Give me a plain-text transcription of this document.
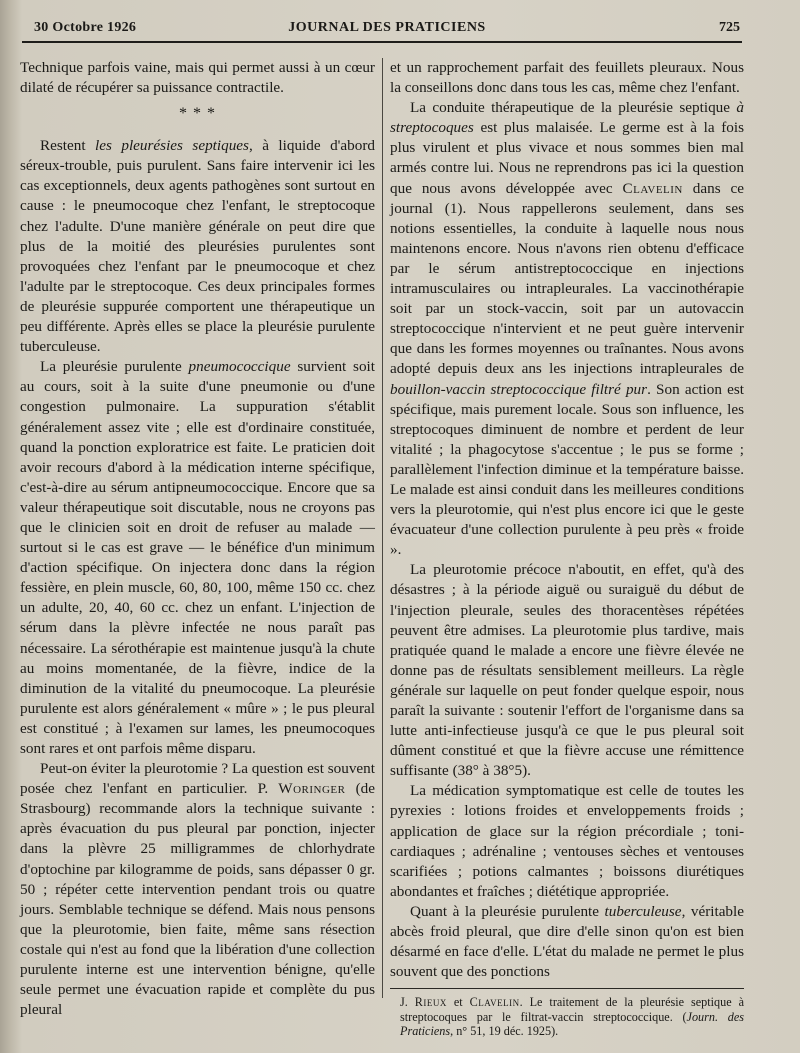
30 Octobre 1926	JOURNAL DES PRATICIENS	725

Technique parfois vaine, mais qui permet aussi à un cœur dilaté de récupérer sa puissance contractile.

* * *

Restent les pleurésies septiques, à liquide d'abord séreux-trouble, puis purulent. Sans faire intervenir ici les cas exceptionnels, deux agents pathogènes sont surtout en cause : le pneumocoque chez l'enfant, le streptocoque chez l'adulte. D'une manière générale on peut dire que plus de la moitié des pleurésies purulentes sont provoquées chez l'enfant par le pneumocoque et chez l'adulte par le streptocoque. Ces deux principales formes de pleurésie suppurée comportent une thérapeutique un peu différente. Après elles se place la pleurésie purulente tuberculeuse.

La pleurésie purulente pneumococcique survient soit au cours, soit à la suite d'une pneumonie ou d'une congestion pulmonaire. La suppuration s'établit généralement assez vite ; elle est d'ordinaire constituée, quand la ponction exploratrice est faite. Le praticien doit avoir recours d'abord à la médication interne spécifique, c'est-à-dire au sérum antipneumococcique. Encore que sa valeur thérapeutique soit discutable, nous ne croyons pas que le clinicien soit en droit de refuser au malade — surtout si le cas est grave — le bénéfice d'un minimum d'action spécifique. On injectera donc dans la région fessière, en plein muscle, 60, 80, 100, même 150 cc. chez un adulte, 20, 40, 60 cc. chez un enfant. L'injection de sérum dans la plèvre infectée ne nous paraît pas nécessaire. La sérothérapie est maintenue jusqu'à la chute au moins momentanée, de la fièvre, indice de la diminution de la vitalité du pneumocoque. La pleurésie purulente est alors généralement « mûre » ; le pus pleural est constitué ; à l'examen sur lames, les pneumocoques sont rares et ont parfois même disparu.

Peut-on éviter la pleurotomie ? La question est souvent posée chez l'enfant en particulier. P. Woringer (de Strasbourg) recommande alors la technique suivante : après évacuation du pus pleural par ponction, injecter dans la plèvre 25 milligrammes de chlorhydrate d'optochine par kilogramme de poids, sans dépasser 0 gr. 50 ; répéter cette intervention pendant trois ou quatre jours. Semblable technique se défend. Mais nous pensons que la pleurotomie, bien faite, même sans résection costale qui n'est au fond que la libération d'une collection purulente interne est une intervention bénigne, qu'elle seule permet une évacuation rapide et complète du pus pleural

et un rapprochement parfait des feuillets pleuraux. Nous la conseillons donc dans tous les cas, même chez l'enfant.

La conduite thérapeutique de la pleurésie septique à streptocoques est plus malaisée. Le germe est à la fois plus virulent et plus vivace et nous sommes bien mal armés contre lui. Nous ne reprendrons pas ici la question que nous avons développée avec Clavelin dans ce journal (1). Nous rappellerons seulement, dans ses notions essentielles, la conduite à laquelle nous nous maintenons encore. Nous n'avons rien obtenu d'efficace par le sérum antistreptococcique en injections intramusculaires ou intrapleurales. La vaccinothérapie soit par un stock-vaccin, soit par un autovaccin streptococcique n'intervient et ne peut guère intervenir que dans les formes moyennes ou traînantes. Nous avons adopté depuis deux ans les injections intrapleurales de bouillon-vaccin streptococcique filtré pur. Son action est spécifique, mais purement locale. Sous son influence, les streptocoques diminuent de nombre et perdent de leur vitalité ; la phagocytose s'accentue ; le pus se forme ; parallèlement l'infection diminue et la température baisse. Le malade est ainsi conduit dans les meilleures conditions vers la pleurotomie, qui n'est plus encore ici que le geste évacuateur d'une collection purulente à peu près « froide ».

La pleurotomie précoce n'aboutit, en effet, qu'à des désastres ; à la période aiguë ou suraiguë du début de l'injection pleurale, seules des thoracentèses répétées peuvent être admises. La pleurotomie plus tardive, mais pratiquée quand le malade a encore une fièvre élevée ne donne pas de résultats sensiblement meilleurs. La règle générale sur laquelle on peut fonder quelque espoir, nous paraît la suivante : soutenir l'effort de l'organisme dans sa lutte anti-infectieuse jusqu'à ce que le pus pleural soit dûment constitué et que la fièvre accuse une rémittence suffisante (38° à 38°5).

La médication symptomatique est celle de toutes les pyrexies : lotions froides et enveloppements froids ; application de glace sur la région précordiale ; toni-cardiaques ; adrénaline ; ventouses sèches et ventouses scarifiées ; potions calmantes ; boissons diurétiques abondantes et fraîches ; diététique appropriée.

Quant à la pleurésie purulente tuberculeuse, véritable abcès froid pleural, que dire d'elle sinon qu'on est bien désarmé en face d'elle. L'état du malade ne permet le plus souvent que des ponctions

J. Rieux et Clavelin. Le traitement de la pleurésie septique à streptocoques par le filtrat-vaccin streptococcique. (Journ. des Praticiens, n° 51, 19 déc. 1925).
